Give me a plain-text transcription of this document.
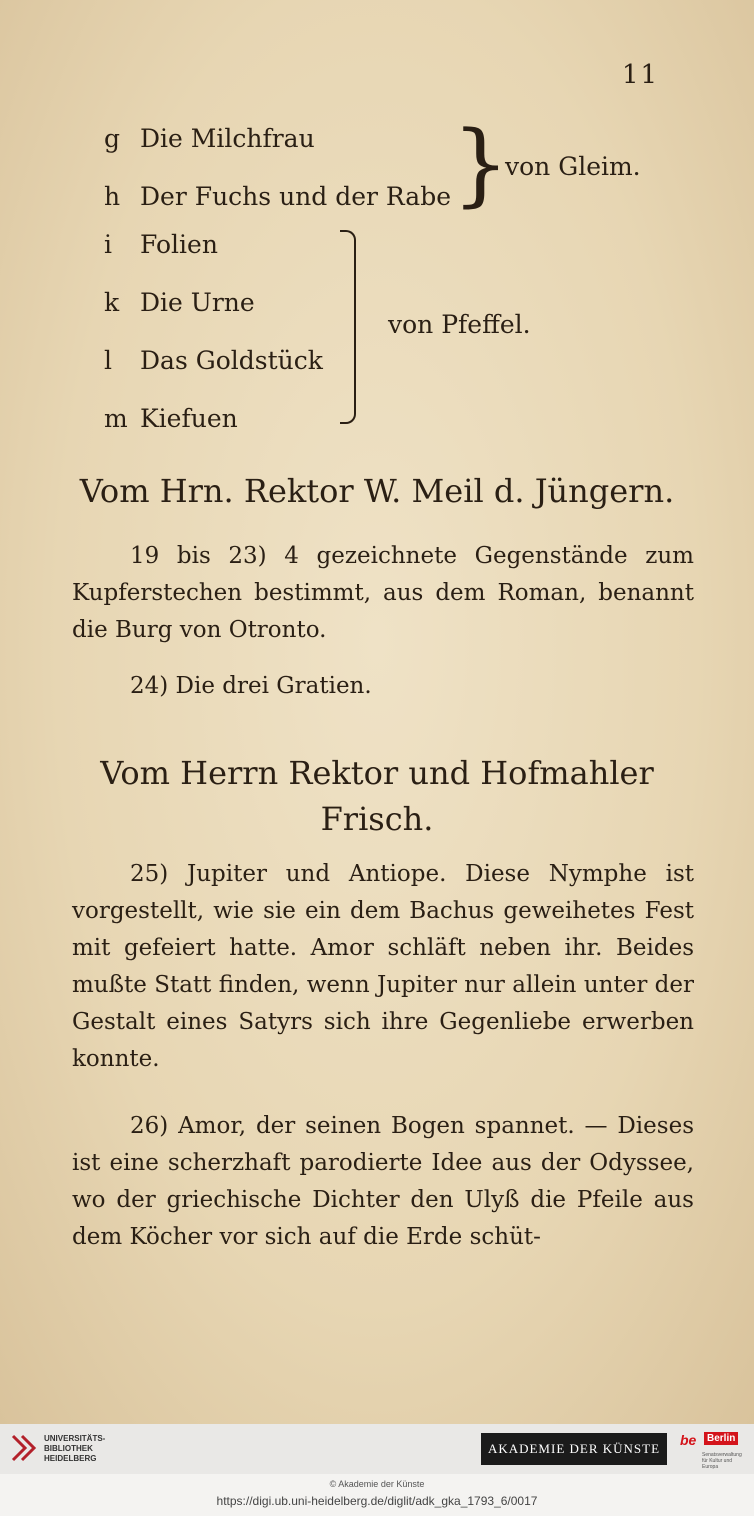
11
g Die Milchfrau
h Der Fuchs und der Rabe }
von Gleim.
i Folien
k Die Urne
l Das Goldstück
m Kiefuen
von Pfeffel.
Vom Hrn. Rektor W. Meil d. Jüngern.
19 bis 23) 4 gezeichnete Gegenstände zum Kupferstechen bestimmt, aus dem Roman, benannt die Burg von Otronto.
24) Die drei Gratien.
Vom Herrn Rektor und Hofmahler Frisch.
25) Jupiter und Antiope. Diese Nymphe ist vorgestellt, wie sie ein dem Bachus geweihetes Fest mit gefeiert hatte. Amor schläft neben ihr. Beides mußte Statt finden, wenn Jupiter nur allein unter der Gestalt eines Satyrs sich ihre Gegenliebe erwerben konnte.
26) Amor, der seinen Bogen spannet. — Dieses ist eine scherzhaft parodierte Idee aus der Odyssee, wo der griechische Dichter den Ulyß die Pfeile aus dem Köcher vor sich auf die Erde schüt-
UNIVERSITÄTS-
BIBLIOTHEK
HEIDELBERG
AKADEMIE DER KÜNSTE
be	Berlin
Senatsverwaltung für Kultur und Europa
© Akademie der Künste
https://digi.ub.uni-heidelberg.de/diglit/adk_gka_1793_6/0017
